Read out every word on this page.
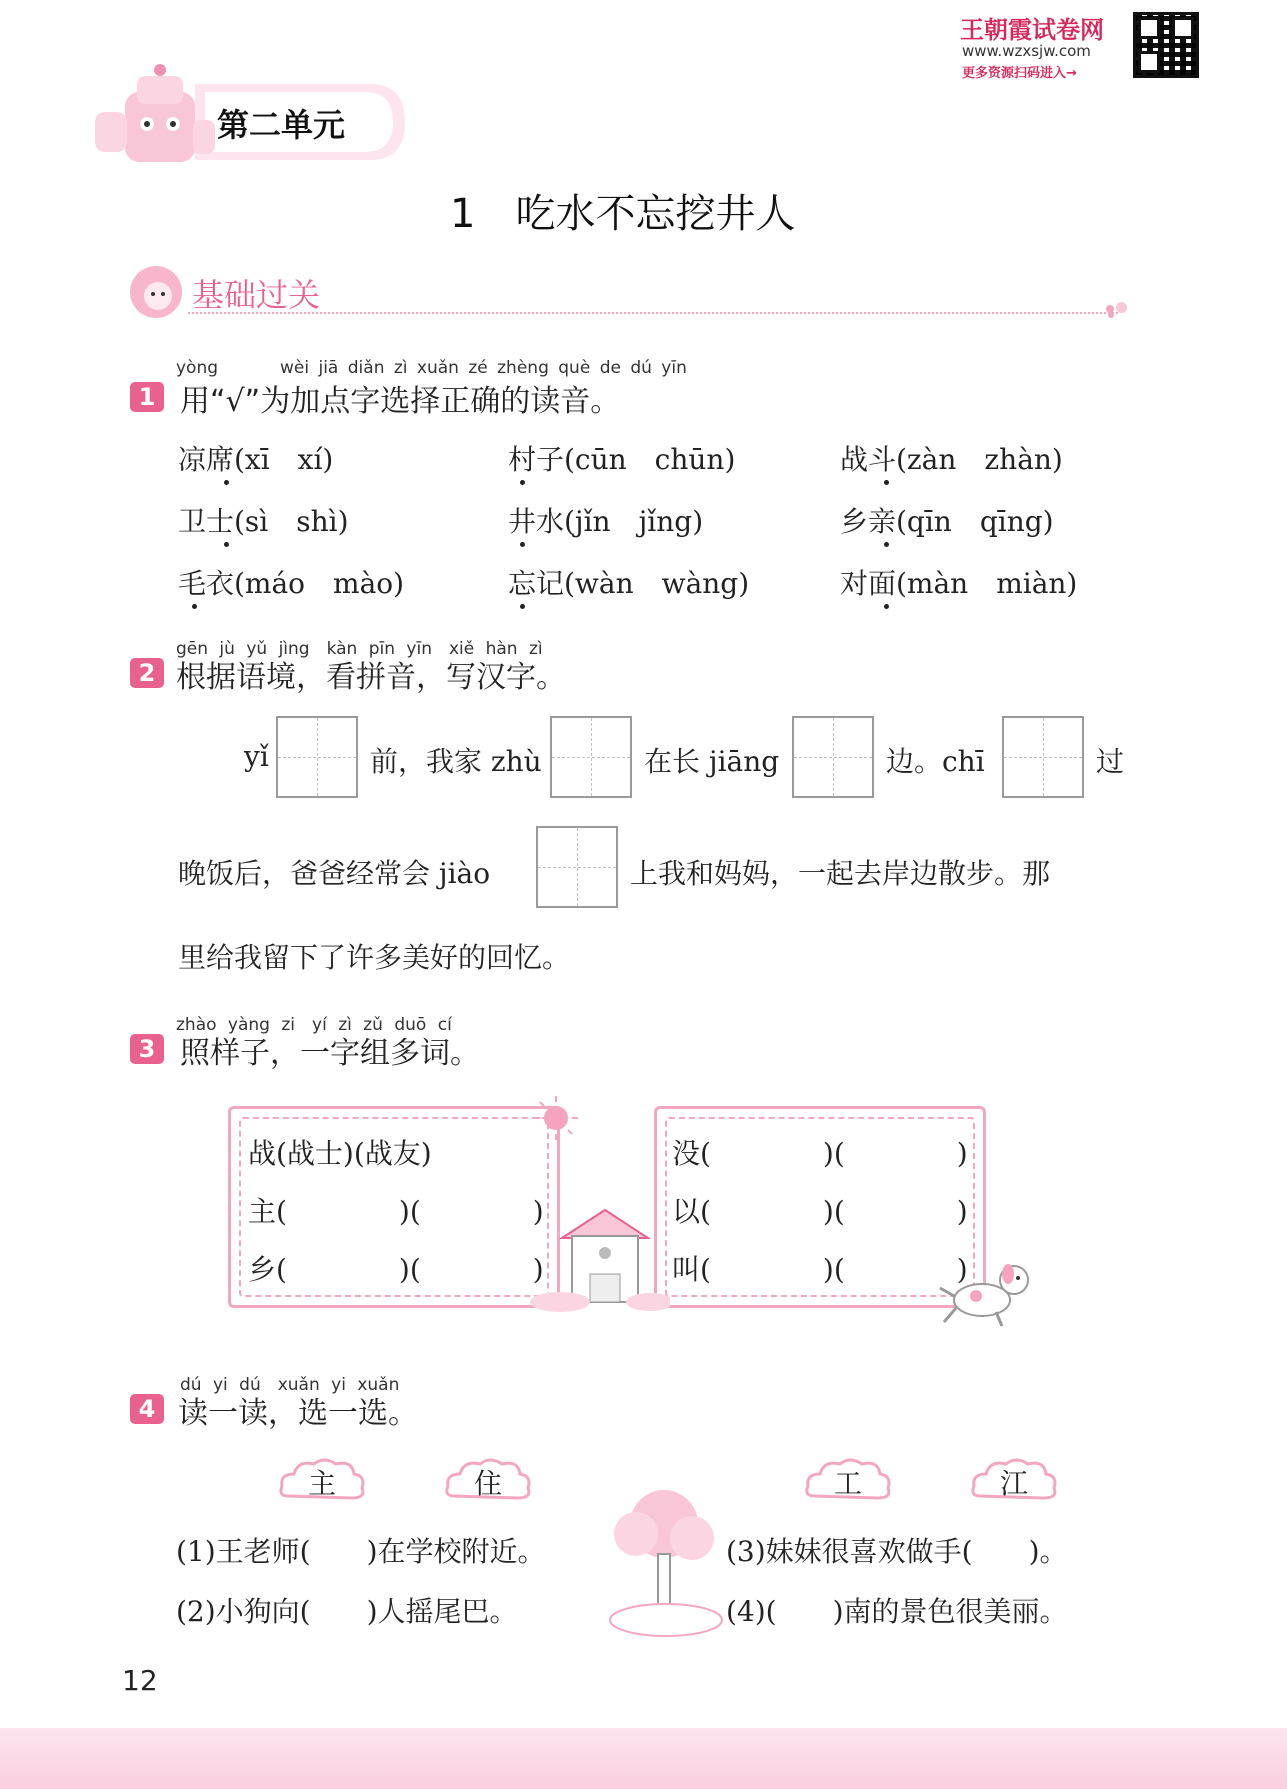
王朝霞试卷网
www.wzxsjw.com
更多资源扫码进入→
第二单元
1　吃水不忘挖井人
基础过关
1
yòng	wèi jiā diǎn zì xuǎn zé zhèng què de dú yīn
用“√”为加点字选择正确的读音。
凉席(xī　xí)	村子(cūn　chūn)	战斗(zàn　zhàn)
卫士(sì　shì)	井水(jǐn　jǐng)	乡亲(qīn　qīng)
毛衣(máo　mào)	忘记(wàn　wàng)	对面(màn　miàn)
2
gēn jù yǔ jìng　kàn pīn yīn　xiě hàn zì
根据语境，看拼音，写汉字。
yǐ	前，我家 zhù	在长 jiāng	边。chī	过
晚饭后，爸爸经常会 jiào	上我和妈妈，一起去岸边散步。那
里给我留下了许多美好的回忆。
3
zhào yàng zi　yí zì zǔ duō cí
照样子，一字组多词。
战(战士)(战友)
主(　　　　)(　　　　)
乡(　　　　)(　　　　)
没(　　　　)(　　　　)
以(　　　　)(　　　　)
叫(　　　　)(　　　　)
4
dú yi dú　xuǎn yi xuǎn
读一读，选一选。
主	住	工	江
(1)王老师(　　)在学校附近。	(3)妹妹很喜欢做手(　　)。
(2)小狗向(　　)人摇尾巴。	(4)(　　)南的景色很美丽。
12
